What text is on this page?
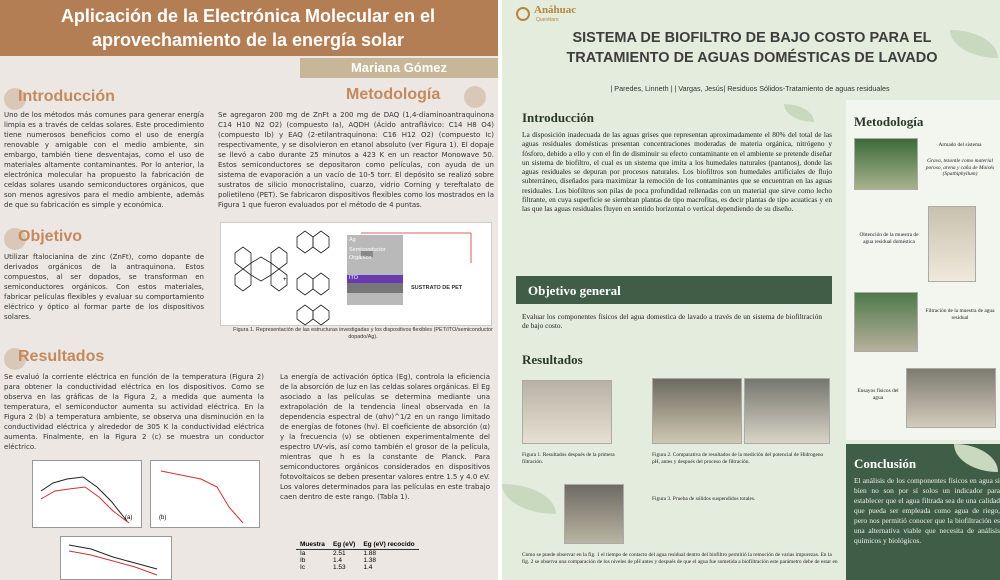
Aplicación de la Electrónica Molecular en el
aprovechamiento de la energía solar
Mariana Gómez
Introducción
Uno de los métodos más comunes para generar energía limpia es a través de celdas solares. Este procedimiento tiene numerosos beneficios como el uso de energía renovable y amigable con el medio ambiente, sin embargo, también tiene desventajas, como el uso de materiales altamente contaminantes. Por lo anterior, la electrónica molecular ha propuesto la fabricación de celdas solares usando semiconductores orgánicos, que son menos agresivos para el medio ambiente, además de que su fabricación es simple y económica.
Objetivo
Utilizar ftalocianina de zinc (ZnFt), como dopante de derivados orgánicos de la antraquinona. Estos compuestos, al ser dopados, se transforman en semiconductores orgánicos. Con estos materiales, fabricar películas flexibles y evaluar su comportamiento eléctrico y óptico al formar parte de los dispositivos solares.
Metodología
Se agregaron 200 mg de ZnFt a 200 mg de DAQ (1,4-diaminoantraquinona C14 H10 N2 O2) (compuesto Ia), AQDH (Ácido antraflávico: C14 H8 O4) (compuesto Ib) y EAQ (2-etilantraquinona: C16 H12 O2) (compuesto Ic) respectivamente, y se disolvieron en etanol absoluto (ver Figura 1). El dopaje se llevó a cabo durante 25 minutos a 423 K en un reactor Monowave 50. Estos semiconductores se depositaron como películas, con ayuda de un sistema de evaporación a un vacío de 10-5 torr. El depósito se realizó sobre sustratos de silicio monocristalino, cuarzo, vidrio Corning y tereftalato de polietileno (PET). Se fabricaron dispositivos flexibles como los mostrados en la Figura 1 que fueron evaluados por el método de 4 puntas.
+
Ag
Semiconductor
Orgánico
ITO
SUSTRATO DE PET
Figura 1. Representación de las estructuras investigadas y los dispositivos flexibles (PET/ITO/semiconductor dopado/Ag).
Resultados
Se evaluó la corriente eléctrica en función de la temperatura (Figura 2) para obtener la conductividad eléctrica en los dispositivos. Como se observa en las gráficas de la Figura 2, a medida que aumenta la temperatura, el semiconductor aumenta su actividad eléctrica. En la Figura 2 (b) a temperatura ambiente, se observa una disminución en la conductividad eléctrica y alrededor de 305 K la conductividad eléctrica aumenta. Finalmente, en la Figura 2 (c) se muestra un conductor eléctrico.
La energía de activación óptica (Eg), controla la eficiencia de la absorción de luz en las celdas solares orgánicas. El Eg asociado a las películas se determina mediante una extrapolación de la tendencia lineal observada en la dependencia espectral de (αhν)^1/2 en un rango limitado de energías de fotones (hν). El coeficiente de absorción (α) y la frecuencia (ν) se obtienen experimentalmente del espectro UV-vis, así como también el grosor de la película, mientras que h es la constante de Planck. Para semiconductores orgánicos considerados en dispositivos fotovoltaicos se deben presentar valores entre 1.5 y 4.0 eV. Los valores determinados para las películas en este trabajo caen dentro de este rango. (Tabla 1).
(a)	(b)
Muestra	Eg (eV)	Eg (eV) recocido
Ia	2.51	1.88
Ib	1.4	1.38
Ic	1.53	1.4
Anáhuac
Querétaro
SISTEMA DE BIOFILTRO DE BAJO COSTO PARA EL
TRATAMIENTO DE AGUAS DOMÉSTICAS DE LAVADO
| Paredes, Linneth | | Vargas, Jesús| Residuos Sólidos-Tratamiento de aguas residuales
Introducción
La disposición inadecuada de las aguas grises que representan aproximadamente el 80% del total de las aguas residuales domésticas presentan concentraciones moderadas de materia orgánica, nitrógeno y fósforo, debido a ello y con el fin de disminuir su efecto contaminante en el ambiente se pretende diseñar un sistema de biofiltro, el cual es un sistema que imita a los humedales naturales (pantanos), donde las aguas residuales se depuran por procesos naturales. Los biofiltros son humedales artificiales de flujo subterráneo, diseñados para maximizar la remoción de los contaminantes que se encuentran en las aguas residuales. Los biofiltros son pilas de poca profundidad rellenadas con un material que sirve como lecho filtrante, en cuya superficie se siembran plantas de tipo macrofitas, es decir plantas de tipo acuaticas y en las que las aguas residuales fluyen en sentido horizontal o vertical dependiendo de su diseño.
Objetivo general
Evaluar los componentes físicos del agua domestica de lavado a través de un sistema de biofiltración de bajo costo.
Resultados
Figura 1. Resultados después de la primera filtración.
Figura 2. Comparativa de resultados de la medición del potencial de Hidrogeno pH, antes y después del proceso de filtración.
Figura 3. Prueba de sólidos suspendidos totales.
Como se puede observar en la fig. 1 el tiempo de contacto del agua residual dentro del biofiltro permitió la remoción de varias impurezas. En la fig. 2 se observa una comparación de los niveles de pH antes y después de que el agua fue sometida a biofiltración este parámetro debe de estar en
Metodología
Armado del sistema
Grava, tezontle como material poroso, arena y caña de Moisés (Spathiphyllum)
Obtención de la muestra de agua residual doméstica
Filtración de la muestra de agua residual
Ensayos físicos del agua
Conclusión
El análisis de los componentes físicos en agua si bien no son por sí solos un indicador para establecer que el agua filtrada sea de una calidad que pueda ser empleada como agua de riego, pero nos permitió conocer que la biofiltración es una alternativa viable que necesita de análisis químicos y biológicos.
